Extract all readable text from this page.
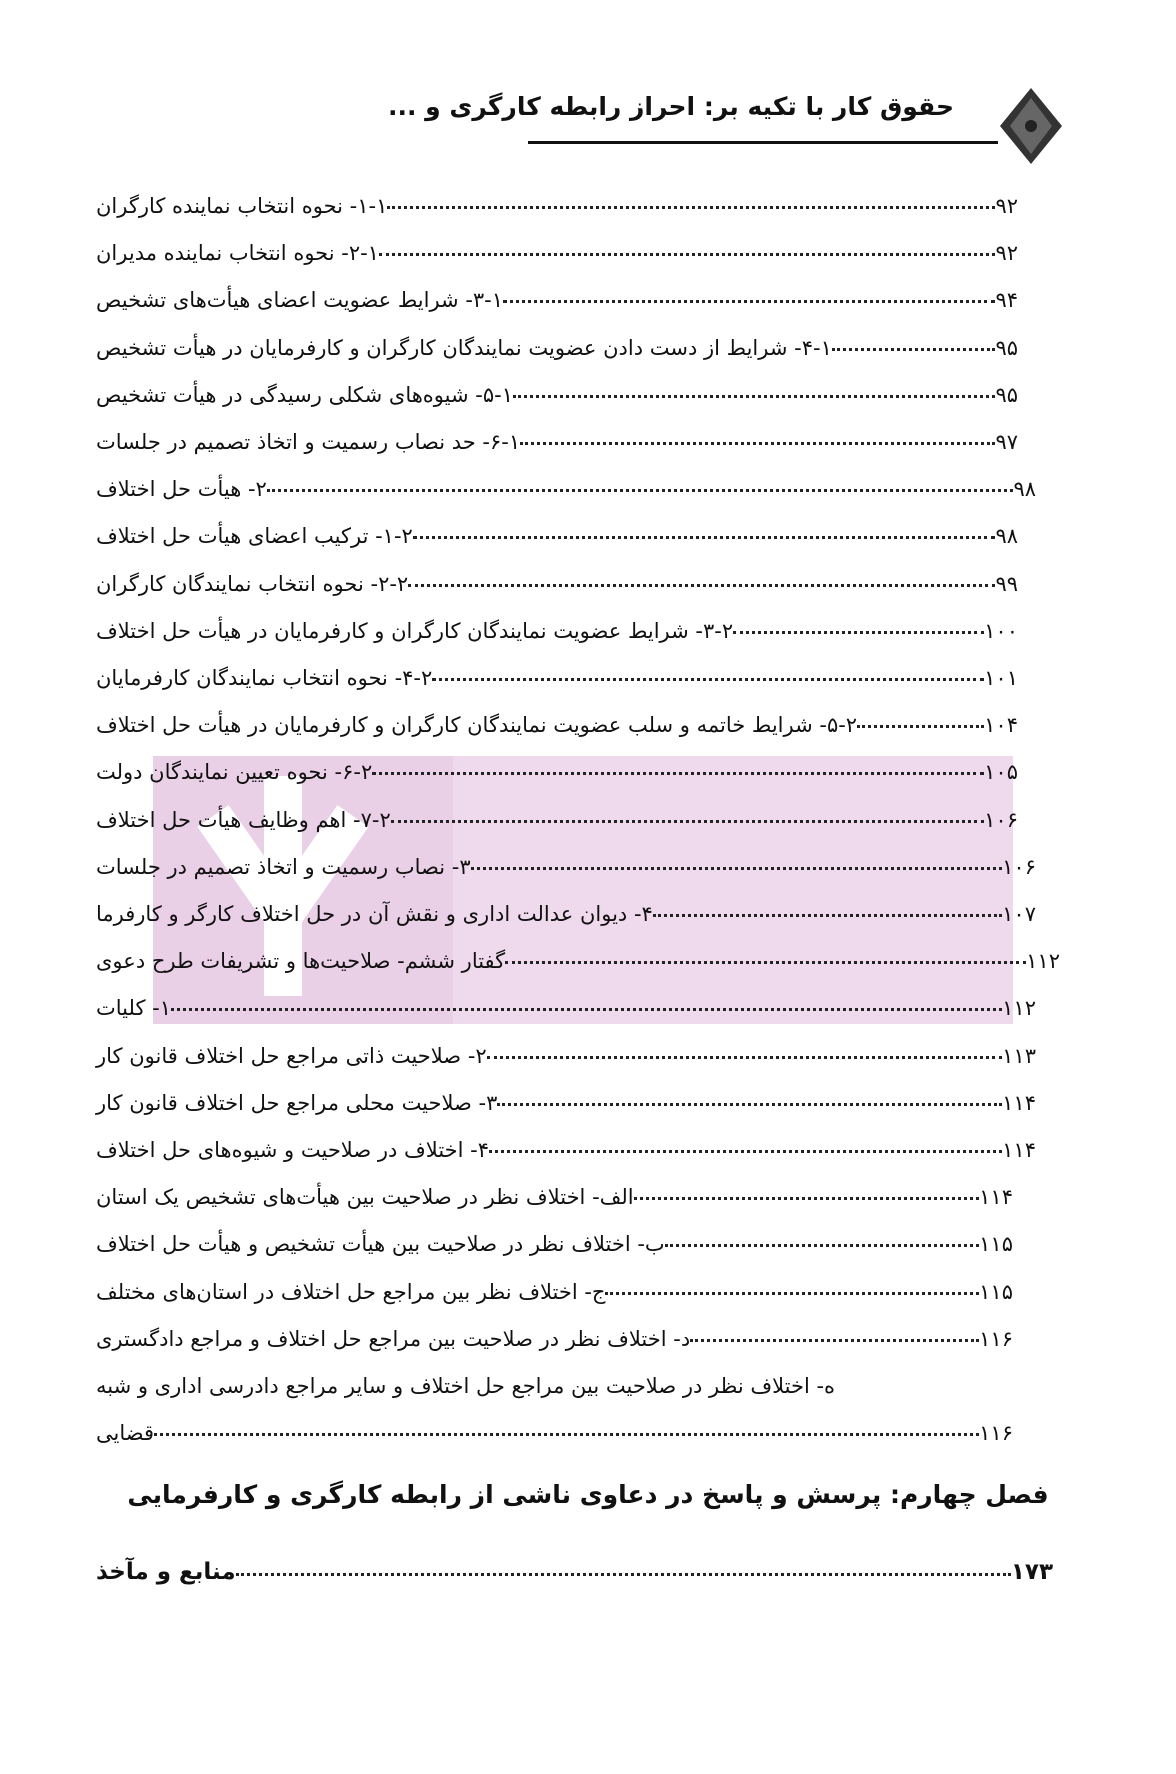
حقوق کار با تکیه بر: احراز رابطه کارگری و ...
۱-۱- نحوه انتخاب نماینده کارگران	۹۲
۲-۱- نحوه انتخاب نماینده مدیران	۹۲
۳-۱- شرایط عضویت اعضای هیأت‌های تشخیص	۹۴
۴-۱- شرایط از دست دادن عضویت نمایندگان کارگران و کارفرمایان در هیأت تشخیص	۹۵
۵-۱- شیوه‌های شکلی رسیدگی در هیأت تشخیص	۹۵
۶-۱- حد نصاب رسمیت و اتخاذ تصمیم در جلسات	۹۷
۲- هیأت حل اختلاف	۹۸
۱-۲- ترکیب اعضای هیأت حل اختلاف	۹۸
۲-۲- نحوه انتخاب نمایندگان کارگران	۹۹
۳-۲- شرایط عضویت نمایندگان کارگران و کارفرمایان در هیأت حل اختلاف	۱۰۰
۴-۲- نحوه انتخاب نمایندگان کارفرمایان	۱۰۱
۵-۲- شرایط خاتمه و سلب عضویت نمایندگان کارگران و کارفرمایان در هیأت حل اختلاف	۱۰۴
۶-۲- نحوه تعیین نمایندگان دولت	۱۰۵
۷-۲- اهم وظایف هیأت حل اختلاف	۱۰۶
۳- نصاب رسمیت و اتخاذ تصمیم در جلسات	۱۰۶
۴- دیوان عدالت اداری و نقش آن در حل اختلاف کارگر و کارفرما	۱۰۷
گفتار ششم- صلاحیت‌ها و تشریفات طرح دعوی	۱۱۲
۱- کلیات	۱۱۲
۲- صلاحیت ذاتی مراجع حل اختلاف قانون کار	۱۱۳
۳- صلاحیت محلی مراجع حل اختلاف قانون کار	۱۱۴
۴- اختلاف در صلاحیت و شیوه‌های حل اختلاف	۱۱۴
الف- اختلاف نظر در صلاحیت بین هیأت‌های تشخیص یک استان	۱۱۴
ب- اختلاف نظر در صلاحیت بین هیأت تشخیص و هیأت حل اختلاف	۱۱۵
ج- اختلاف نظر بین مراجع حل اختلاف در استان‌های مختلف	۱۱۵
د- اختلاف نظر در صلاحیت بین مراجع حل اختلاف و مراجع دادگستری	۱۱۶
ه- اختلاف نظر در صلاحیت بین مراجع حل اختلاف و سایر مراجع دادرسی اداری و شبه
قضایی	۱۱۶
فصل چهارم: پرسش و پاسخ در دعاوی ناشی از رابطه کارگری و کارفرمایی
منابع و مآخذ	۱۷۳
